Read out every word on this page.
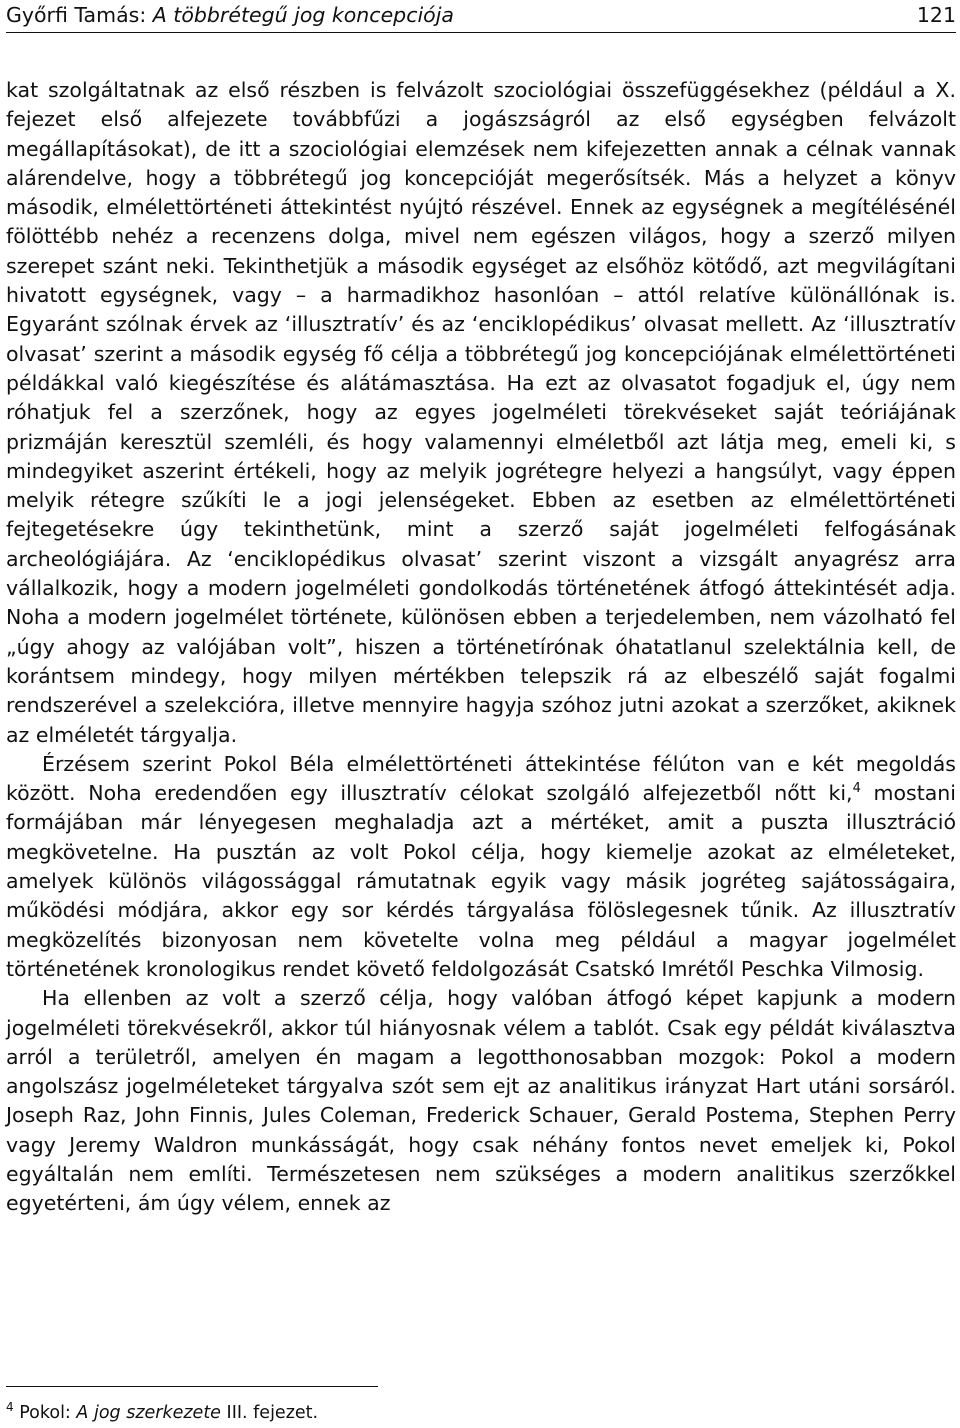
Győrfi Tamás: A többrétegű jog koncepciója	121

kat szolgáltatnak az első részben is felvázolt szociológiai összefüggésekhez (például a X. fejezet első alfejezete továbbfűzi a jogászságról az első egységben felvázolt megállapításokat), de itt a szociológiai elemzések nem kifejezetten annak a célnak vannak alárendelve, hogy a többrétegű jog koncepcióját megerősítsék. Más a helyzet a könyv második, elmélettörténeti áttekintést nyújtó részével. Ennek az egységnek a megítélésénél fölöttébb nehéz a recenzens dolga, mivel nem egészen világos, hogy a szerző milyen szerepet szánt neki. Tekinthetjük a második egységet az elsőhöz kötődő, azt megvilágítani hivatott egységnek, vagy – a harmadikhoz hasonlóan – attól relatíve különállónak is. Egyaránt szólnak érvek az ‘illusztratív’ és az ‘enciklopédikus’ olvasat mellett. Az ‘illusztratív olvasat’ szerint a második egység fő célja a többrétegű jog koncepciójának elmélettörténeti példákkal való kiegészítése és alátámasztása. Ha ezt az olvasatot fogadjuk el, úgy nem róhatjuk fel a szerzőnek, hogy az egyes jogelméleti törekvéseket saját teóriájának prizmáján keresztül szemléli, és hogy valamennyi elméletből azt látja meg, emeli ki, s mindegyiket aszerint értékeli, hogy az melyik jogrétegre helyezi a hangsúlyt, vagy éppen melyik rétegre szűkíti le a jogi jelenségeket. Ebben az esetben az elmélettörténeti fejtegetésekre úgy tekinthetünk, mint a szerző saját jogelméleti felfogásának archeológiájára. Az ‘enciklopédikus olvasat’ szerint viszont a vizsgált anyagrész arra vállalkozik, hogy a modern jogelméleti gondolkodás történetének átfogó áttekintését adja. Noha a modern jogelmélet története, különösen ebben a terjedelemben, nem vázolható fel „úgy ahogy az valójában volt”, hiszen a történetírónak óhatatlanul szelektálnia kell, de korántsem mindegy, hogy milyen mértékben telepszik rá az elbeszélő saját fogalmi rendszerével a szelekcióra, illetve mennyire hagyja szóhoz jutni azokat a szerzőket, akiknek az elméletét tárgyalja.

Érzésem szerint Pokol Béla elmélettörténeti áttekintése félúton van e két megoldás között. Noha eredendően egy illusztratív célokat szolgáló alfejezetből nőtt ki,$^4$ mostani formájában már lényegesen meghaladja azt a mértéket, amit a puszta illusztráció megkövetelne. Ha pusztán az volt Pokol célja, hogy kiemelje azokat az elméleteket, amelyek különös világossággal rámutatnak egyik vagy másik jogréteg sajátosságaira, működési módjára, akkor egy sor kérdés tárgyalása fölöslegesnek tűnik. Az illusztratív megközelítés bizonyosan nem követelte volna meg például a magyar jogelmélet történetének kronologikus rendet követő feldolgozását Csatskó Imrétől Peschka Vilmosig.

Ha ellenben az volt a szerző célja, hogy valóban átfogó képet kapjunk a modern jogelméleti törekvésekről, akkor túl hiányosnak vélem a tablót. Csak egy példát kiválasztva arról a területről, amelyen én magam a legotthonosabban mozgok: Pokol a modern angolszász jogelméleteket tárgyalva szót sem ejt az analitikus irányzat Hart utáni sorsáról. Joseph Raz, John Finnis, Jules Coleman, Frederick Schauer, Gerald Postema, Stephen Perry vagy Jeremy Waldron munkásságát, hogy csak néhány fontos nevet emeljek ki, Pokol egyáltalán nem említi. Természetesen nem szükséges a modern analitikus szerzőkkel egyetérteni, ám úgy vélem, ennek az

$^4$ Pokol: A jog szerkezete III. fejezet.
